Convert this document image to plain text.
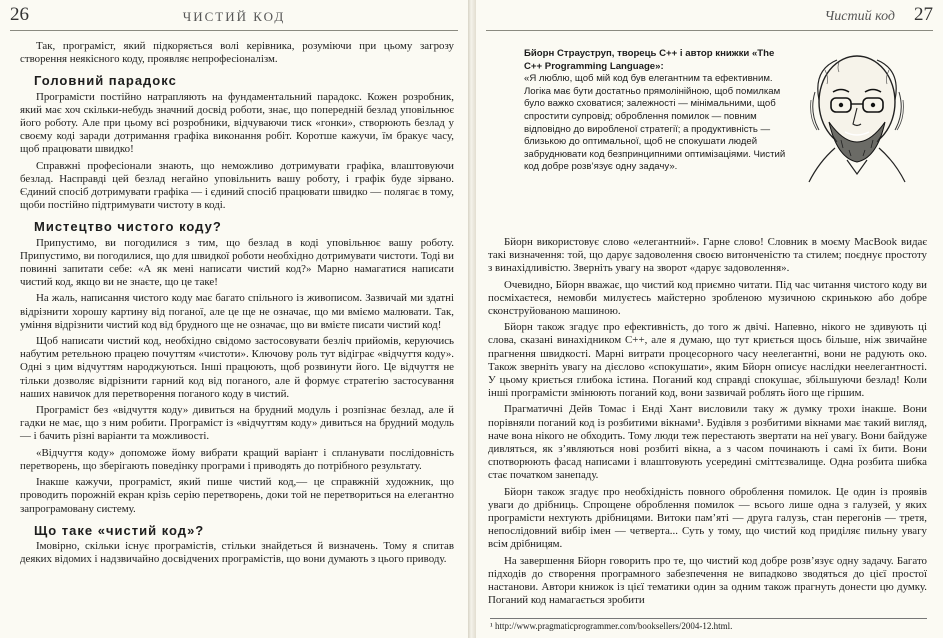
26	ЧИСТИЙ КОД

Так, програміст, який підкоряється волі керівника, розуміючи при цьому загрозу створення неякісного коду, проявляє непрофесіоналізм.

Головний парадокс

Програмісти постійно натрапляють на фундаментальний парадокс. Кожен розробник, який має хоч скільки-небудь значний досвід роботи, знає, що попередній безлад уповільнює його роботу. Але при цьому всі розробники, відчуваючи тиск «гонки», створюють безлад у своєму коді заради дотримання графіка виконання робіт. Коротше кажучи, їм бракує часу, щоб працювати швидко!

Справжні професіонали знають, що неможливо дотримувати графіка, влаштовуючи безлад. Насправді цей безлад негайно уповільнить вашу роботу, і графік буде зірвано. Єдиний спосіб дотримувати графіка — і єдиний спосіб працювати швидко — полягає в тому, щоби постійно підтримувати чистоту в коді.

Мистецтво чистого коду?

Припустимо, ви погодилися з тим, що безлад в коді уповільнює вашу роботу. Припустимо, ви погодилися, що для швидкої роботи необхідно дотримувати чистоти. Тоді ви повинні запитати себе: «А як мені написати чистий код?» Марно намагатися написати чистий код, якщо ви не знаєте, що це таке!

На жаль, написання чистого коду має багато спільного із живописом. Зазвичай ми здатні відрізнити хорошу картину від поганої, але це ще не означає, що ми вміємо малювати. Так, уміння відрізнити чистий код від брудного ще не означає, що ви вмієте писати чистий код!

Щоб написати чистий код, необхідно свідомо застосовувати безліч прийомів, керуючись набутим ретельною працею почуттям «чистоти». Ключову роль тут відіграє «відчуття коду». Одні з цим відчуттям народжуються. Інші працюють, щоб розвинути його. Це відчуття не тільки дозволяє відрізнити гарний код від поганого, але й формує стратегію застосування наших навичок для перетворення поганого коду в чистий.

Програміст без «відчуття коду» дивиться на брудний модуль і розпізнає безлад, але й гадки не має, що з ним робити. Програміст із «відчуттям коду» дивиться на брудний модуль — і бачить різні варіанти та можливості.

«Відчуття коду» допоможе йому вибрати кращий варіант і спланувати послідовність перетворень, що зберігають поведінку програми і приводять до потрібного результату.

Інакше кажучи, програміст, який пише чистий код,— це справжній художник, що проводить порожній екран крізь серію перетворень, доки той не перетвориться на елегантно запрограмовану систему.

Що таке «чистий код»?

Імовірно, скільки існує програмістів, стільки знайдеться й визначень. Тому я спитав деяких відомих і надзвичайно досвідчених програмістів, що вони думають з цього приводу.

Чистий код 27
Бйорн Страуструп, творець C++ і автор книжки «The C++ Programming Language»:
«Я люблю, щоб мій код був елегантним та ефективним. Логіка має бути достатньо прямолінійною, щоб помилкам було важко сховатися; залежності — мінімальними, щоб спростити супровід; оброблення помилок — повним відповідно до виробленої стратегії; а продуктивність — близькою до оптимальної, щоб не спокушати людей забруднювати код безпринципними оптимізаціями. Чистий код добре розв’язує одну задачу».

Бйорн використовує слово «елегантний». Гарне слово! Словник в моєму MacBook видає такі визначення: той, що дарує задоволення своєю витонченістю та стилем; поєднує простоту з винахідливістю. Зверніть увагу на зворот «дарує задоволення».

Очевидно, Бйорн вважає, що чистий код приємно читати. Під час читання чистого коду ви посміхаєтеся, немовби милуєтесь майстерно зробленою музичною скринькою або добре сконструйованою машиною.

Бйорн також згадує про ефективність, до того ж двічі. Напевно, нікого не здивують ці слова, сказані винахідником C++, але я думаю, що тут криється щось більше, ніж звичайне прагнення швидкості. Марні витрати процесорного часу неелегантні, вони не радують око. Також зверніть увагу на дієслово «спокушати», яким Бйорн описує наслідки неелегантності. У цьому криється глибока істина. Поганий код справді спокушає, збільшуючи безлад! Коли інші програмісти змінюють поганий код, вони зазвичай роблять його ще гіршим.

Прагматичні Дейв Томас і Енді Хант висловили таку ж думку трохи інакше. Вони порівняли поганий код із розбитими вікнами¹. Будівля з розбитими вікнами має такий вигляд, наче вона нікого не обходить. Тому люди теж перестають звертати на неї увагу. Вони байдуже дивляться, як з’являються нові розбиті вікна, а з часом починають і самі їх бити. Вони спотворюють фасад написами і влаштовують усередині сміттєзвалище. Одна розбита шибка стає початком занепаду.

Бйорн також згадує про необхідність повного оброблення помилок. Це один із проявів уваги до дрібниць. Спрощене оброблення помилок — всього лише одна з галузей, у яких програмісти нехтують дрібницями. Витоки пам’яті — друга галузь, стан перегонів — третя, непослідовний вибір імен — четверта... Суть у тому, що чистий код приділяє пильну увагу всім дрібницям.

На завершення Бйорн говорить про те, що чистий код добре розв’язує одну задачу. Багато підходів до створення програмного забезпечення не випадково зводяться до цієї простої настанови. Автори книжок із цієї тематики один за одним також прагнуть донести цю думку. Поганий код намагається зробити

¹ http://www.pragmaticprogrammer.com/booksellers/2004-12.html.
